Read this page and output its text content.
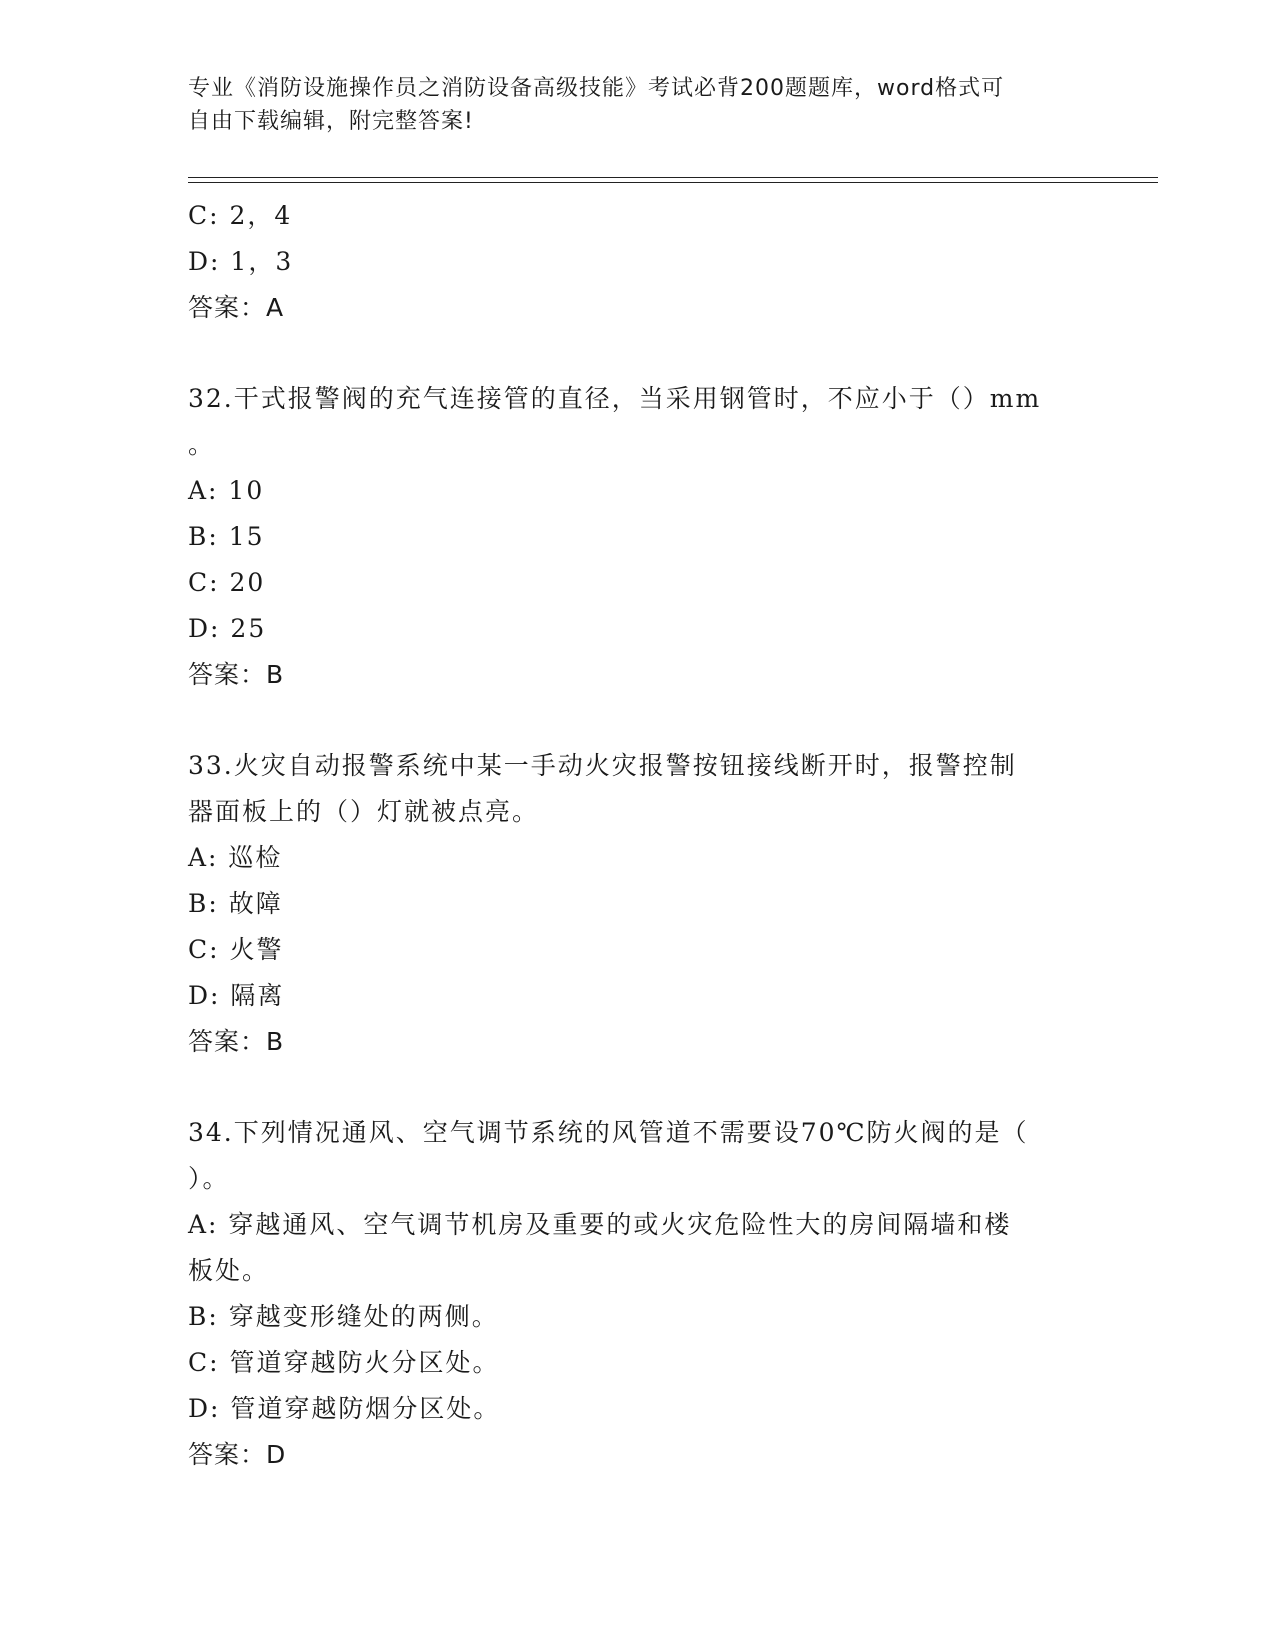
专业《消防设施操作员之消防设备高级技能》考试必背200题题库，word格式可
自由下载编辑，附完整答案!
C: 2，4
D: 1，3
答案：A
32.干式报警阀的充气连接管的直径，当采用钢管时，不应小于（）mm
。
A: 10
B: 15
C: 20
D: 25
答案：B
33.火灾自动报警系统中某一手动火灾报警按钮接线断开时，报警控制
器面板上的（）灯就被点亮。
A: 巡检
B: 故障
C: 火警
D: 隔离
答案：B
34.下列情况通风、空气调节系统的风管道不需要设70℃防火阀的是（
）。
A: 穿越通风、空气调节机房及重要的或火灾危险性大的房间隔墙和楼
板处。
B: 穿越变形缝处的两侧。
C: 管道穿越防火分区处。
D: 管道穿越防烟分区处。
答案：D
